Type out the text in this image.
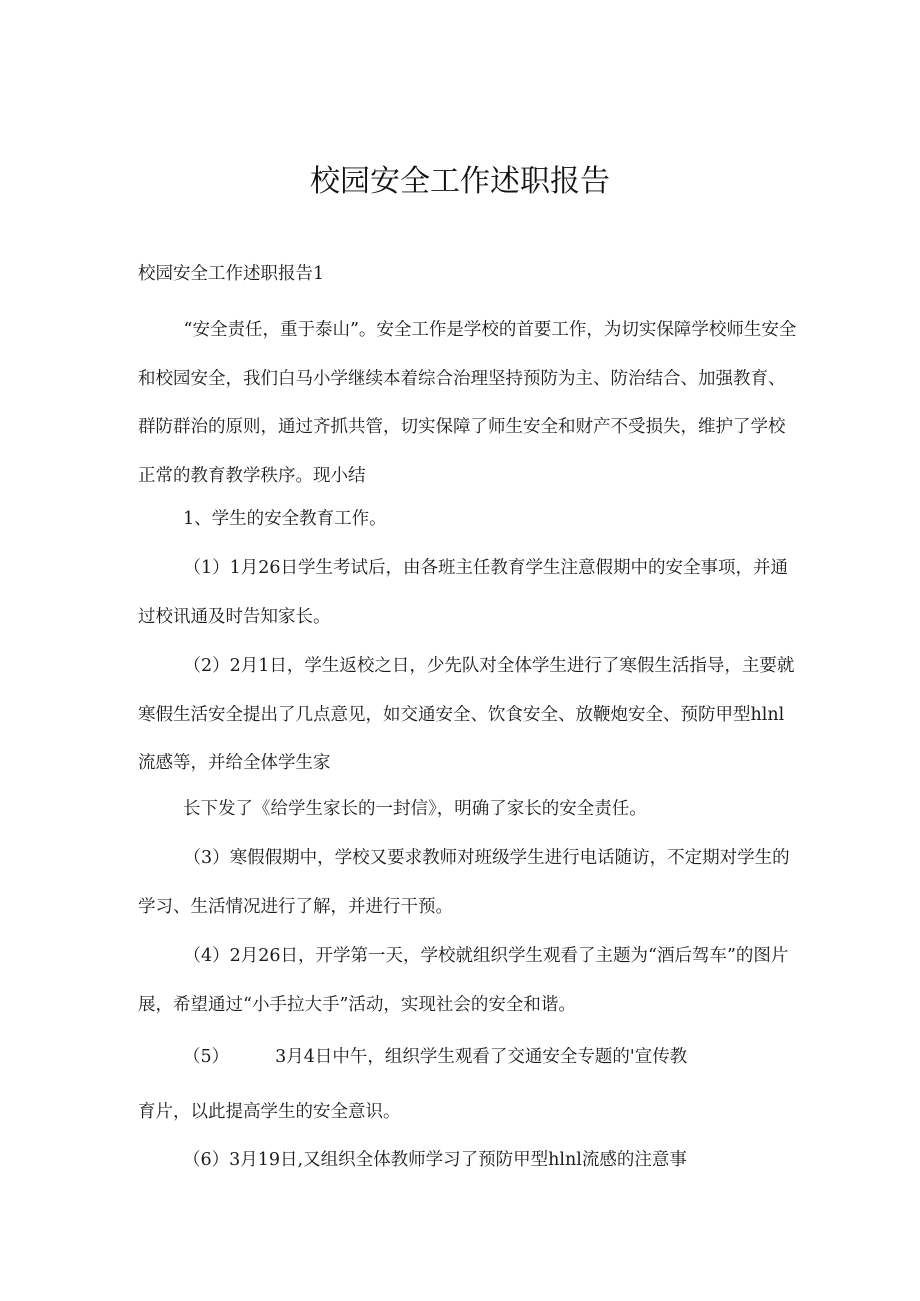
校园安全工作述职报告
校园安全工作述职报告1
“安全责任，重于泰山”。安全工作是学校的首要工作，为切实保障学校师生安全和校园安全，我们白马小学继续本着综合治理坚持预防为主、防治结合、加强教育、群防群治的原则，通过齐抓共管，切实保障了师生安全和财产不受损失，维护了学校正常的教育教学秩序。现小结
1、学生的安全教育工作。
（1）1月26日学生考试后，由各班主任教育学生注意假期中的安全事项，并通过校讯通及时告知家长。
（2）2月1日，学生返校之日，少先队对全体学生进行了寒假生活指导，主要就寒假生活安全提出了几点意见，如交通安全、饮食安全、放鞭炮安全、预防甲型hlnl流感等，并给全体学生家
长下发了《给学生家长的一封信》，明确了家长的安全责任。
（3）寒假假期中，学校又要求教师对班级学生进行电话随访，不定期对学生的学习、生活情况进行了解，并进行干预。
（4）2月26日，开学第一天，学校就组织学生观看了主题为“酒后驾车”的图片展，希望通过“小手拉大手”活动，实现社会的安全和谐。
（5）	3月4日中午，组织学生观看了交通安全专题的'宣传教
育片，以此提高学生的安全意识。
（6）3月19日,又组织全体教师学习了预防甲型hlnl流感的注意事
